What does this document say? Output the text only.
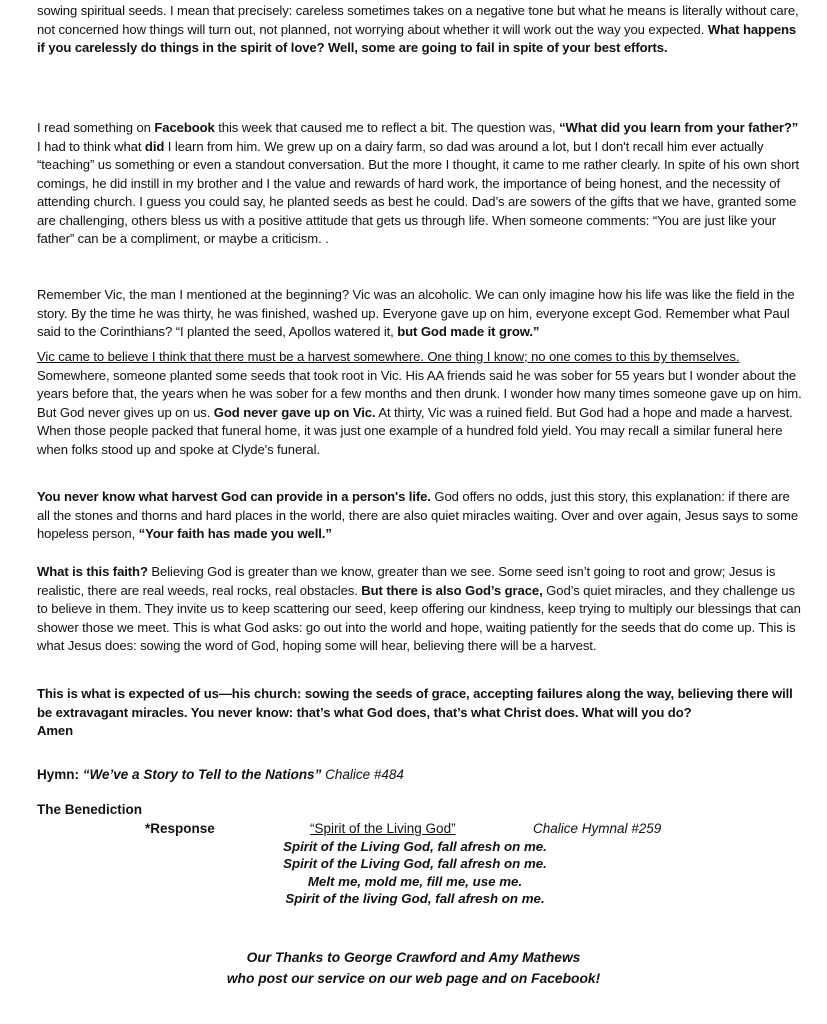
sowing spiritual seeds. I mean that precisely: careless sometimes takes on a negative tone but what he means is literally without care, not concerned how things will turn out, not planned, not worrying about whether it will work out the way you expected. What happens if you carelessly do things in the spirit of love? Well, some are going to fail in spite of your best efforts.

I read something on Facebook this week that caused me to reflect a bit. The question was, “What did you learn from your father?” I had to think what did I learn from him. We grew up on a dairy farm, so dad was around a lot, but I don't recall him ever actually “teaching” us something or even a standout conversation. But the more I thought, it came to me rather clearly. In spite of his own short comings, he did instill in my brother and I the value and rewards of hard work, the importance of being honest, and the necessity of attending church. I guess you could say, he planted seeds as best he could. Dad’s are sowers of the gifts that we have, granted some are challenging, others bless us with a positive attitude that gets us through life. When someone comments: “You are just like your father” can be a compliment, or maybe a criticism. .

Remember Vic, the man I mentioned at the beginning? Vic was an alcoholic. We can only imagine how his life was like the field in the story. By the time he was thirty, he was finished, washed up. Everyone gave up on him, everyone except God. Remember what Paul said to the Corinthians? “I planted the seed, Apollos watered it, but God made it grow.”

Vic came to believe I think that there must be a harvest somewhere. One thing I know; no one comes to this by themselves. Somewhere, someone planted some seeds that took root in Vic. His AA friends said he was sober for 55 years but I wonder about the years before that, the years when he was sober for a few months and then drunk. I wonder how many times someone gave up on him. But God never gives up on us. God never gave up on Vic. At thirty, Vic was a ruined field. But God had a hope and made a harvest. When those people packed that funeral home, it was just one example of a hundred fold yield. You may recall a similar funeral here when folks stood up and spoke at Clyde's funeral.

You never know what harvest God can provide in a person's life. God offers no odds, just this story, this explanation: if there are all the stones and thorns and hard places in the world, there are also quiet miracles waiting. Over and over again, Jesus says to some hopeless person, “Your faith has made you well.”

What is this faith? Believing God is greater than we know, greater than we see. Some seed isn’t going to root and grow; Jesus is realistic, there are real weeds, real rocks, real obstacles. But there is also God’s grace, God’s quiet miracles, and they challenge us to believe in them. They invite us to keep scattering our seed, keep offering our kindness, keep trying to multiply our blessings that can shower those we meet. This is what God asks: go out into the world and hope, waiting patiently for the seeds that do come up. This is what Jesus does: sowing the word of God, hoping some will hear, believing there will be a harvest.

This is what is expected of us—his church: sowing the seeds of grace, accepting failures along the way, believing there will be extravagant miracles. You never know: that’s what God does, that’s what Christ does. What will you do?
Amen

Hymn: “We’ve a Story to Tell to the Nations” Chalice #484
The Benediction
*Response	“Spirit of the Living God”	Chalice Hymnal #259
Spirit of the Living God, fall afresh on me.
Spirit of the Living God, fall afresh on me.
Melt me, mold me, fill me, use me.
Spirit of the living God, fall afresh on me.
Our Thanks to George Crawford and Amy Mathews
who post our service on our web page and on Facebook!
